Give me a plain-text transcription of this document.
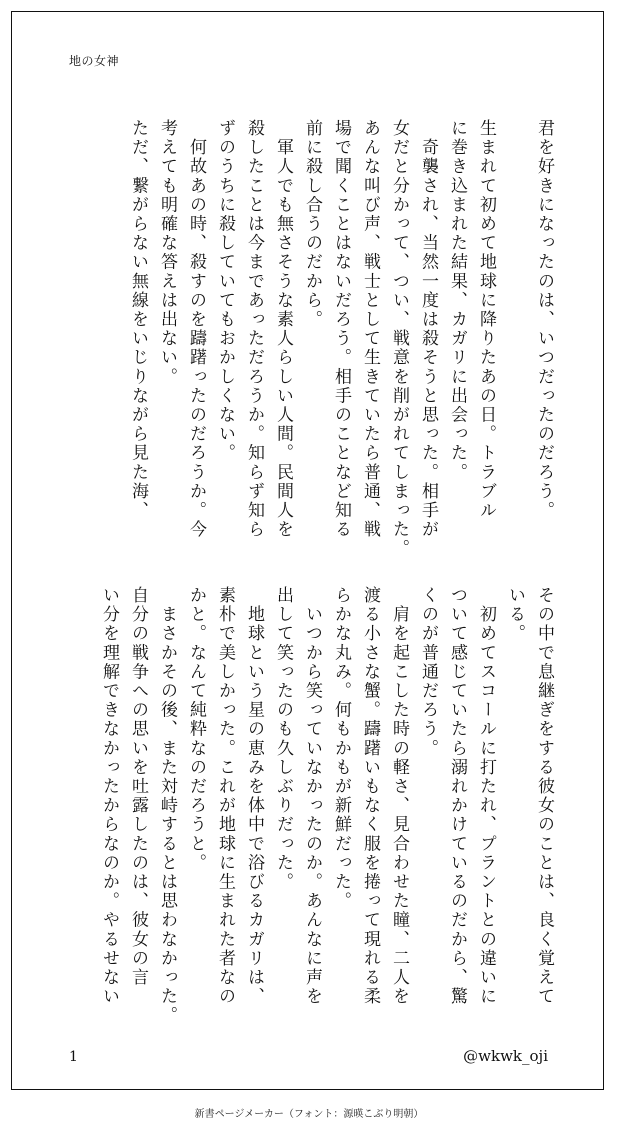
地の女神
君を好きになったのは、いつだったのだろう。

生まれて初めて地球に降りたあの日。トラブル
に巻き込まれた結果、カガリに出会った。
　奇襲され、当然一度は殺そうと思った。相手が
女だと分かって、つい、戦意を削がれてしまった。
あんな叫び声、戦士として生きていたら普通、戦
場で聞くことはないだろう。相手のことなど知る
前に殺し合うのだから。
　軍人でも無さそうな素人らしい人間。民間人を
殺したことは今まであっただろうか。知らず知ら
ずのうちに殺していてもおかしくない。
　何故あの時、殺すのを躊躇ったのだろうか。今
考えても明確な答えは出ない。
ただ、繋がらない無線をいじりながら見た海、
その中で息継ぎをする彼女のことは、良く覚えて
いる。
　初めてスコールに打たれ、プラントとの違いに
ついて感じていたら溺れかけているのだから、驚
くのが普通だろう。
　肩を起こした時の軽さ、見合わせた瞳、二人を
渡る小さな蟹。躊躇いもなく服を捲って現れる柔
らかな丸み。何もかもが新鮮だった。
　いつから笑っていなかったのか。あんなに声を
出して笑ったのも久しぶりだった。
　地球という星の恵みを体中で浴びるカガリは、
素朴で美しかった。これが地球に生まれた者なの
かと。なんて純粋なのだろうと。
　まさかその後、また対峙するとは思わなかった。
自分の戦争への思いを吐露したのは、彼女の言
い分を理解できなかったからなのか。やるせない
1	@wkwk_oji
新書ページメーカー（フォント：源暎こぶり明朝）
